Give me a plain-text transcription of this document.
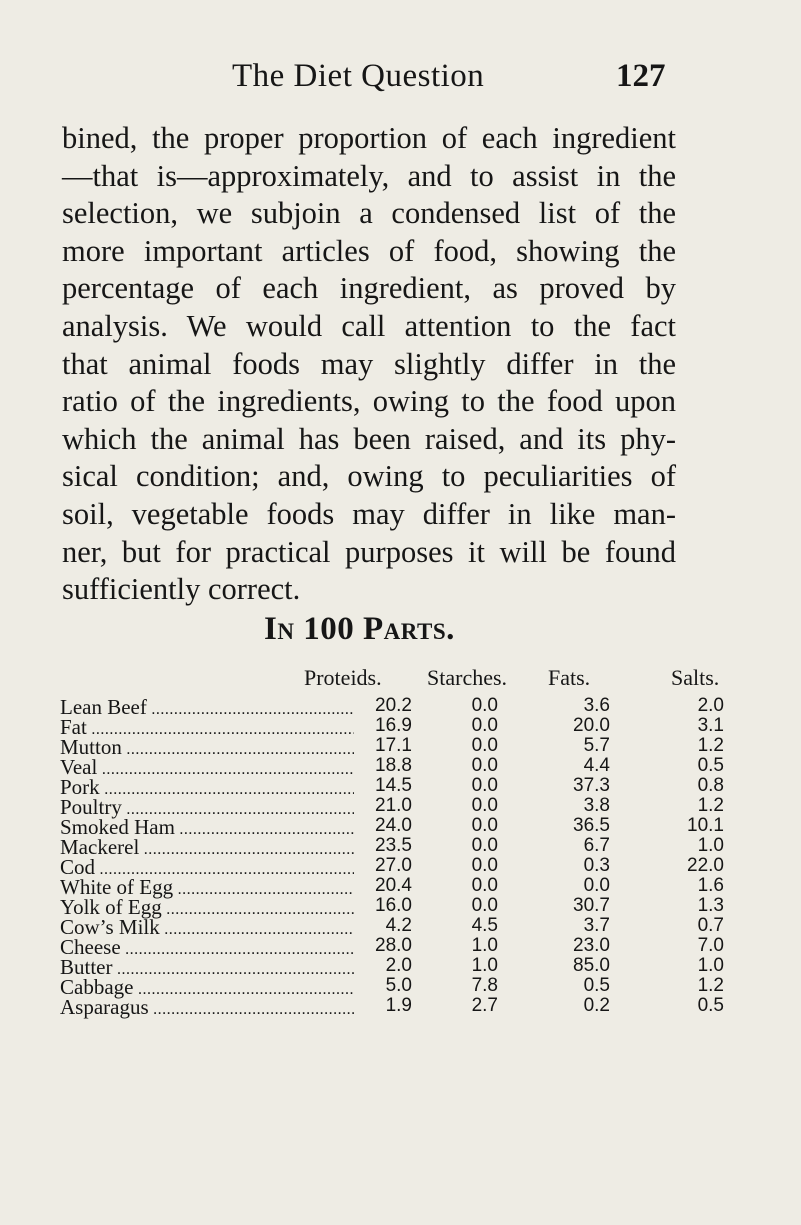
The Diet Question	127
bined, the proper proportion of each ingredient
—that is—approximately, and to assist in the
selection, we subjoin a condensed list of the
more important articles of food, showing the
percentage of each ingredient, as proved by
analysis. We would call attention to the fact
that animal foods may slightly differ in the
ratio of the ingredients, owing to the food upon
which the animal has been raised, and its phy-
sical condition; and, owing to peculiarities of
soil, vegetable foods may differ in like man-
ner, but for practical purposes it will be found
sufficiently correct.
In 100 Parts.
Proteids. Starches. Fats.	Salts.
Lean Beef .....	20.2	0.0	3.6	2.0
Fat .....	16.9	0.0	20.0	3.1
Mutton .....	17.1	0.0	5.7	1.2
Veal .....	18.8	0.0	4.4	0.5
Pork .....	14.5	0.0	37.3	0.8
Poultry .....	21.0	0.0	3.8	1.2
Smoked Ham .....	24.0	0.0	36.5	10.1
Mackerel .....	23.5	0.0	6.7	1.0
Cod .....	27.0	0.0	0.3	22.0
White of Egg .....	20.4	0.0	0.0	1.6
Yolk of Egg .....	16.0	0.0	30.7	1.3
Cow’s Milk .....	4.2	4.5	3.7	0.7
Cheese .....	28.0	1.0	23.0	7.0
Butter .....	2.0	1.0	85.0	1.0
Cabbage .....	5.0	7.8	0.5	1.2
Asparagus .....	1.9	2.7	0.2	0.5
